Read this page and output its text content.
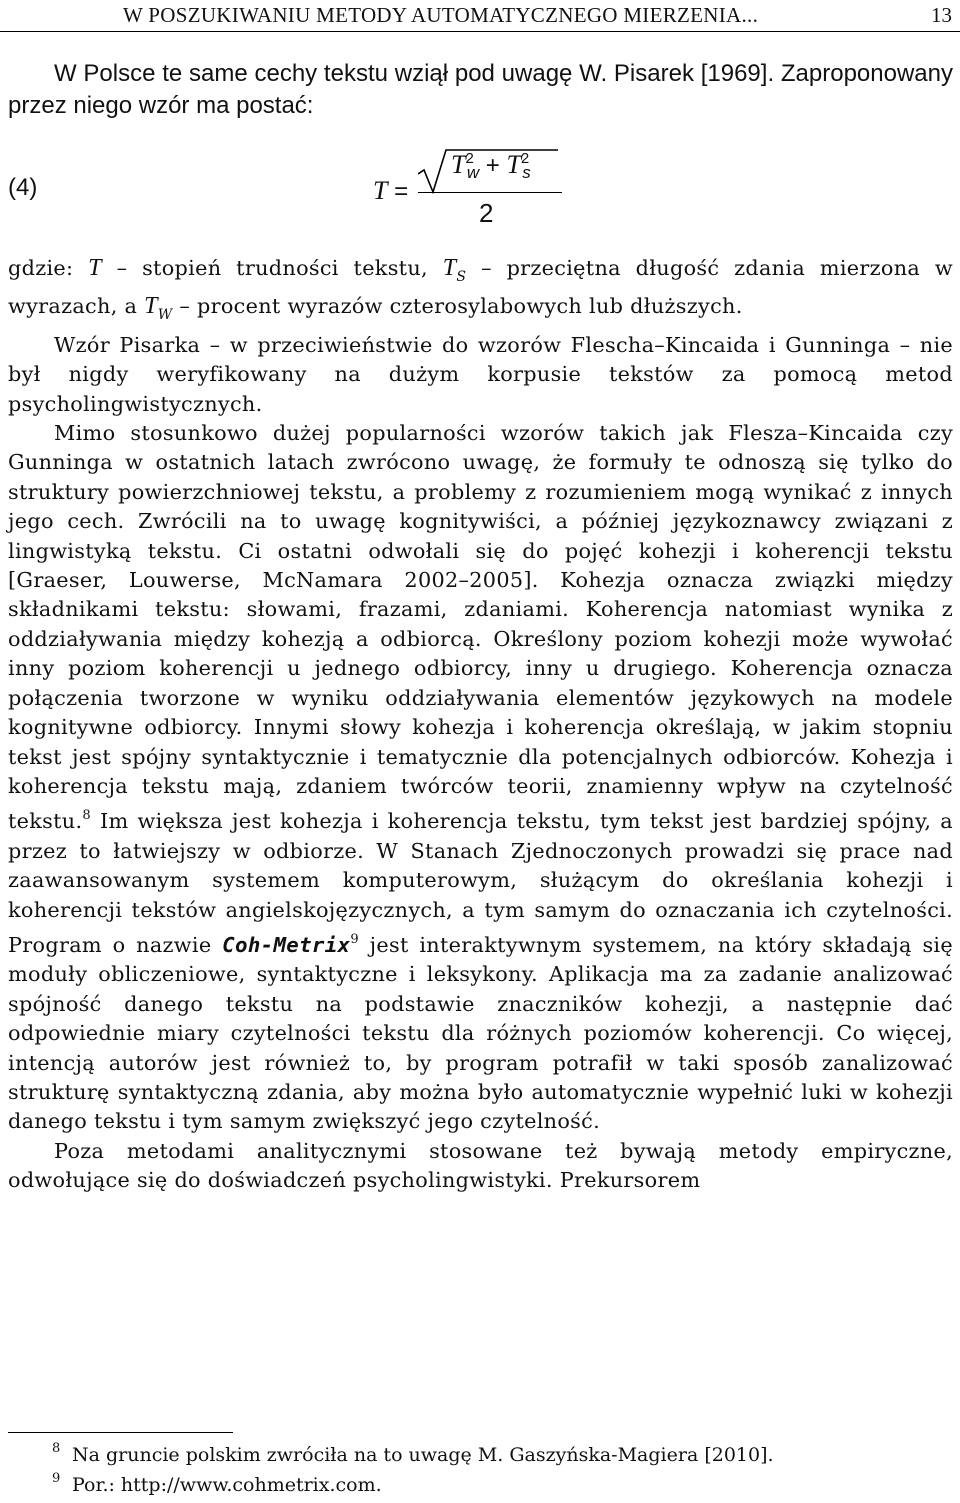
W POSZUKIWANIU METODY AUTOMATYCZNEGO MIERZENIA...	13

W Polsce te same cechy tekstu wziął pod uwagę W. Pisarek [1969]. Zaproponowany przez niego wzór ma postać:

(4)	T =
$T^2_w + T^2_s$
2

gdzie: T – stopień trudności tekstu, $T_S$ – przeciętna długość zdania mierzona w wyrazach, a $T_W$ – procent wyrazów czterosylabowych lub dłuższych.

Wzór Pisarka – w przeciwieństwie do wzorów Flescha–Kincaida i Gunninga – nie był nigdy weryfikowany na dużym korpusie tekstów za pomocą metod psycholingwistycznych.

Mimo stosunkowo dużej popularności wzorów takich jak Flesza–Kincaida czy Gunninga w ostatnich latach zwrócono uwagę, że formuły te odnoszą się tylko do struktury powierzchniowej tekstu, a problemy z rozumieniem mogą wynikać z innych jego cech. Zwrócili na to uwagę kognitywiści, a później językoznawcy związani z lingwistyką tekstu. Ci ostatni odwołali się do pojęć kohezji i koherencji tekstu [Graeser, Louwerse, McNamara 2002–2005]. Kohezja oznacza związki między składnikami tekstu: słowami, frazami, zdaniami. Koherencja natomiast wynika z oddziaływania między kohezją a odbiorcą. Określony poziom kohezji może wywołać inny poziom koherencji u jednego odbiorcy, inny u drugiego. Koherencja oznacza połączenia tworzone w wyniku oddziaływania elementów językowych na modele kognitywne odbiorcy. Innymi słowy kohezja i koherencja określają, w jakim stopniu tekst jest spójny syntaktycznie i tematycznie dla potencjalnych odbiorców. Kohezja i koherencja tekstu mają, zdaniem twórców teorii, znamienny wpływ na czytelność tekstu.$^8$ Im większa jest kohezja i koherencja tekstu, tym tekst jest bardziej spójny, a przez to łatwiejszy w odbiorze. W Stanach Zjednoczonych prowadzi się prace nad zaawansowanym systemem komputerowym, służącym do określania kohezji i koherencji tekstów angielskojęzycznych, a tym samym do oznaczania ich czytelności. Program o nazwie Coh-Metrix$^9$ jest interaktywnym systemem, na który składają się moduły obliczeniowe, syntaktyczne i leksykony. Aplikacja ma za zadanie analizować spójność danego tekstu na podstawie znaczników kohezji, a następnie dać odpowiednie miary czytelności tekstu dla różnych poziomów koherencji. Co więcej, intencją autorów jest również to, by program potrafił w taki sposób zanalizować strukturę syntaktyczną zdania, aby można było automatycznie wypełnić luki w kohezji danego tekstu i tym samym zwiększyć jego czytelność.

Poza metodami analitycznymi stosowane też bywają metody empiryczne, odwołujące się do doświadczeń psycholingwistyki. Prekursorem

8 Na gruncie polskim zwróciła na to uwagę M. Gaszyńska-Magiera [2010].
9 Por.: http://www.cohmetrix.com.
